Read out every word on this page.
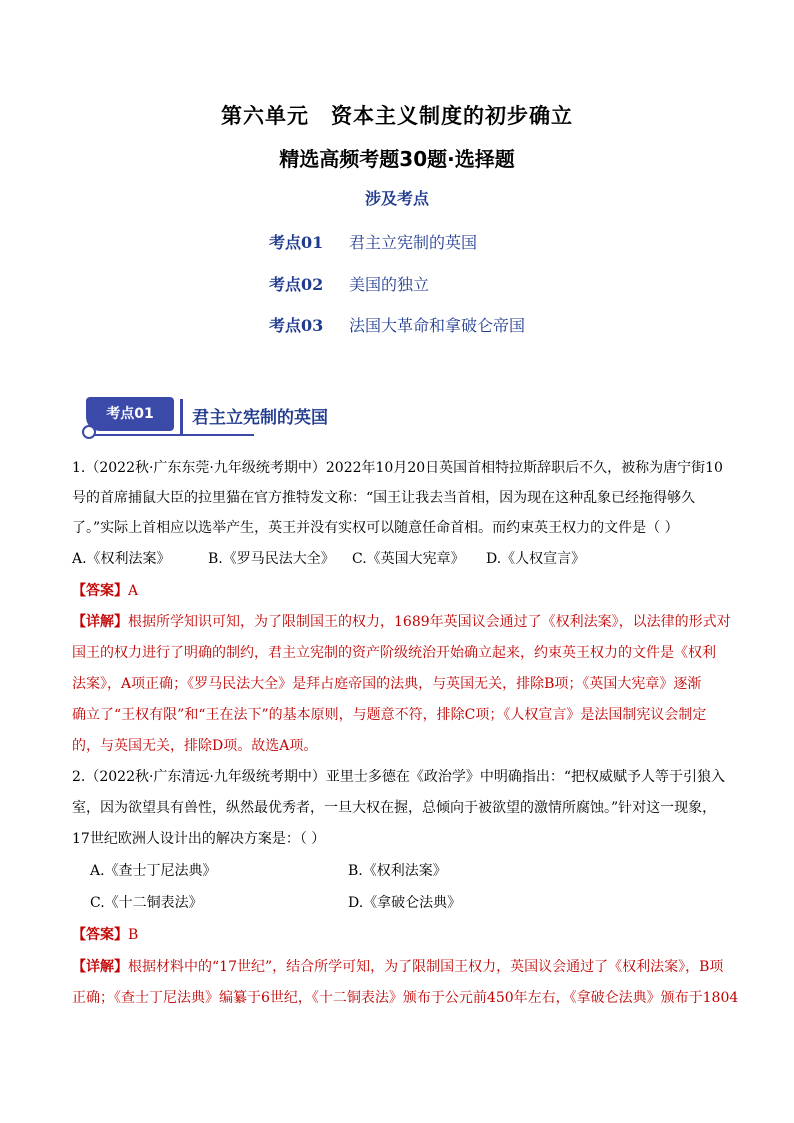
第六单元 资本主义制度的初步确立
精选高频考题30题·选择题
涉及考点
考点01 君主立宪制的英国
考点02 美国的独立
考点03 法国大革命和拿破仑帝国
考点01	君主立宪制的英国
1.（2022秋·广东东莞·九年级统考期中）2022年10月20日英国首相特拉斯辞职后不久，被称为唐宁街10
号的首席捕鼠大臣的拉里猫在官方推特发文称：“国王让我去当首相，因为现在这种乱象已经拖得够久
了。”实际上首相应以选举产生，英王并没有实权可以随意任命首相。而约束英王权力的文件是（ ）
A.《权利法案》	B.《罗马民法大全》 C.《英国大宪章》 D.《人权宣言》
【答案】A
【详解】根据所学知识可知，为了限制国王的权力，1689年英国议会通过了《权利法案》，以法律的形式对
国王的权力进行了明确的制约，君主立宪制的资产阶级统治开始确立起来，约束英王权力的文件是《权利
法案》，A项正确；《罗马民法大全》是拜占庭帝国的法典，与英国无关，排除B项；《英国大宪章》逐渐
确立了“王权有限”和“王在法下”的基本原则，与题意不符，排除C项；《人权宣言》是法国制宪议会制定
的，与英国无关，排除D项。故选A项。
2.（2022秋·广东清远·九年级统考期中）亚里士多德在《政治学》中明确指出：“把权威赋予人等于引狼入
室，因为欲望具有兽性，纵然最优秀者，一旦大权在握，总倾向于被欲望的激情所腐蚀。”针对这一现象，
17世纪欧洲人设计出的解决方案是：（ ）
A.《查士丁尼法典》	B.《权利法案》
C.《十二铜表法》	D.《拿破仑法典》
【答案】B
【详解】根据材料中的“17世纪”，结合所学可知，为了限制国王权力，英国议会通过了《权利法案》，B项
正确；《查士丁尼法典》编纂于6世纪，《十二铜表法》颁布于公元前450年左右，《拿破仑法典》颁布于1804
